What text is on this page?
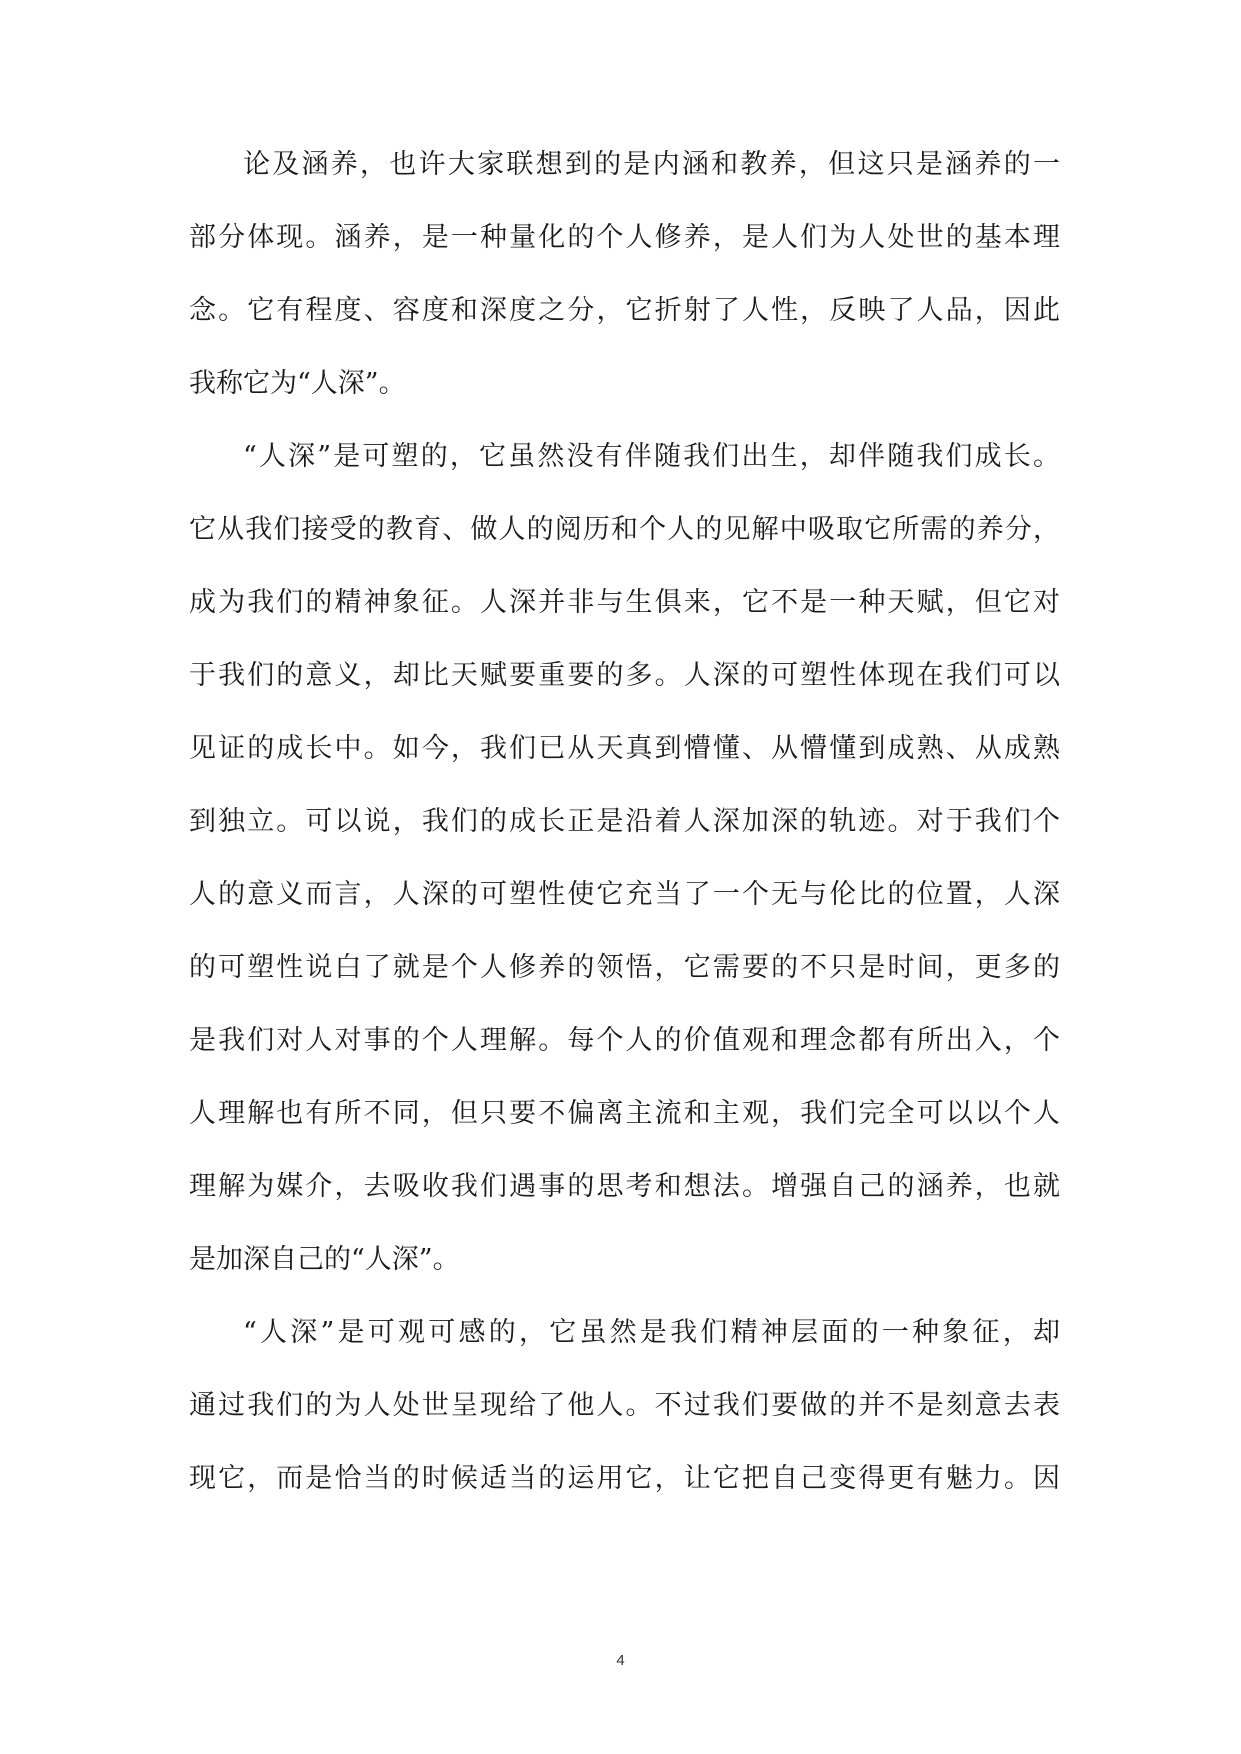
论及涵养，也许大家联想到的是内涵和教养，但这只是涵养的一
部分体现。涵养，是一种量化的个人修养，是人们为人处世的基本理
念。它有程度、容度和深度之分，它折射了人性，反映了人品，因此
我称它为“人深”。
“人深”是可塑的，它虽然没有伴随我们出生，却伴随我们成长。
它从我们接受的教育、做人的阅历和个人的见解中吸取它所需的养分，
成为我们的精神象征。人深并非与生俱来，它不是一种天赋，但它对
于我们的意义，却比天赋要重要的多。人深的可塑性体现在我们可以
见证的成长中。如今，我们已从天真到懵懂、从懵懂到成熟、从成熟
到独立。可以说，我们的成长正是沿着人深加深的轨迹。对于我们个
人的意义而言，人深的可塑性使它充当了一个无与伦比的位置，人深
的可塑性说白了就是个人修养的领悟，它需要的不只是时间，更多的
是我们对人对事的个人理解。每个人的价值观和理念都有所出入，个
人理解也有所不同，但只要不偏离主流和主观，我们完全可以以个人
理解为媒介，去吸收我们遇事的思考和想法。增强自己的涵养，也就
是加深自己的“人深”。
“人深”是可观可感的，它虽然是我们精神层面的一种象征，却
通过我们的为人处世呈现给了他人。不过我们要做的并不是刻意去表
现它，而是恰当的时候适当的运用它，让它把自己变得更有魅力。因
4
